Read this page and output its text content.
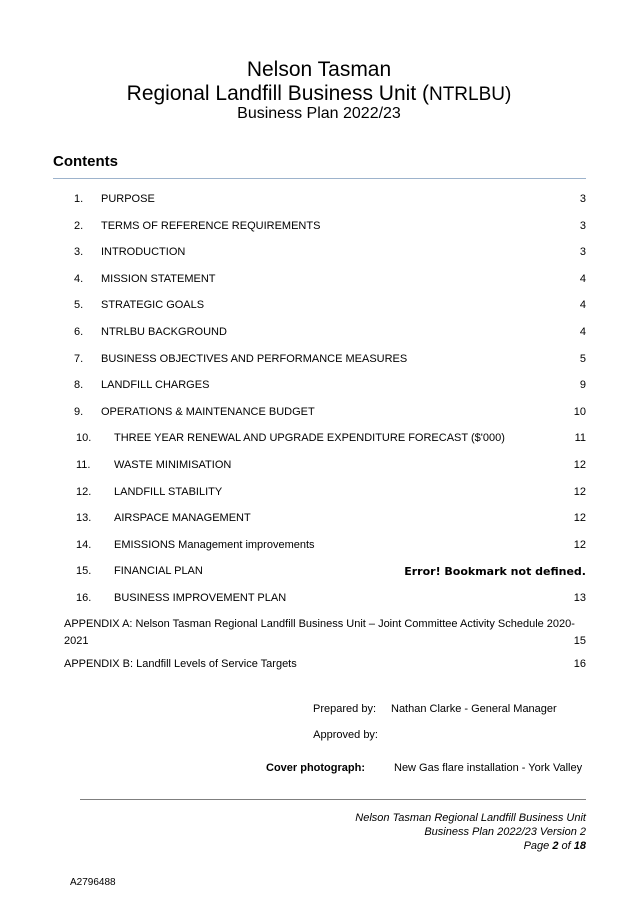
Nelson Tasman
Regional Landfill Business Unit (NTRLBU)
Business Plan 2022/23
Contents
1. PURPOSE	3
2. TERMS OF REFERENCE REQUIREMENTS	3
3. INTRODUCTION	3
4. MISSION STATEMENT	4
5. STRATEGIC GOALS	4
6. NTRLBU BACKGROUND	4
7. BUSINESS OBJECTIVES AND PERFORMANCE MEASURES	5
8. LANDFILL CHARGES	9
9. OPERATIONS & MAINTENANCE BUDGET	10
10. THREE YEAR RENEWAL AND UPGRADE EXPENDITURE FORECAST ($'000)	11
11. WASTE MINIMISATION	12
12. LANDFILL STABILITY	12
13. AIRSPACE MANAGEMENT	12
14. EMISSIONS Management improvements	12
15. FINANCIAL PLAN	Error! Bookmark not defined.
16. BUSINESS IMPROVEMENT PLAN	13
APPENDIX A: Nelson Tasman Regional Landfill Business Unit – Joint Committee Activity Schedule 2020-2021	15
APPENDIX B: Landfill Levels of Service Targets	16
Prepared by: Nathan Clarke - General Manager
Approved by:
Cover photograph:	New Gas flare installation - York Valley
Nelson Tasman Regional Landfill Business Unit
Business Plan 2022/23 Version 2
Page 2 of 18
A2796488
